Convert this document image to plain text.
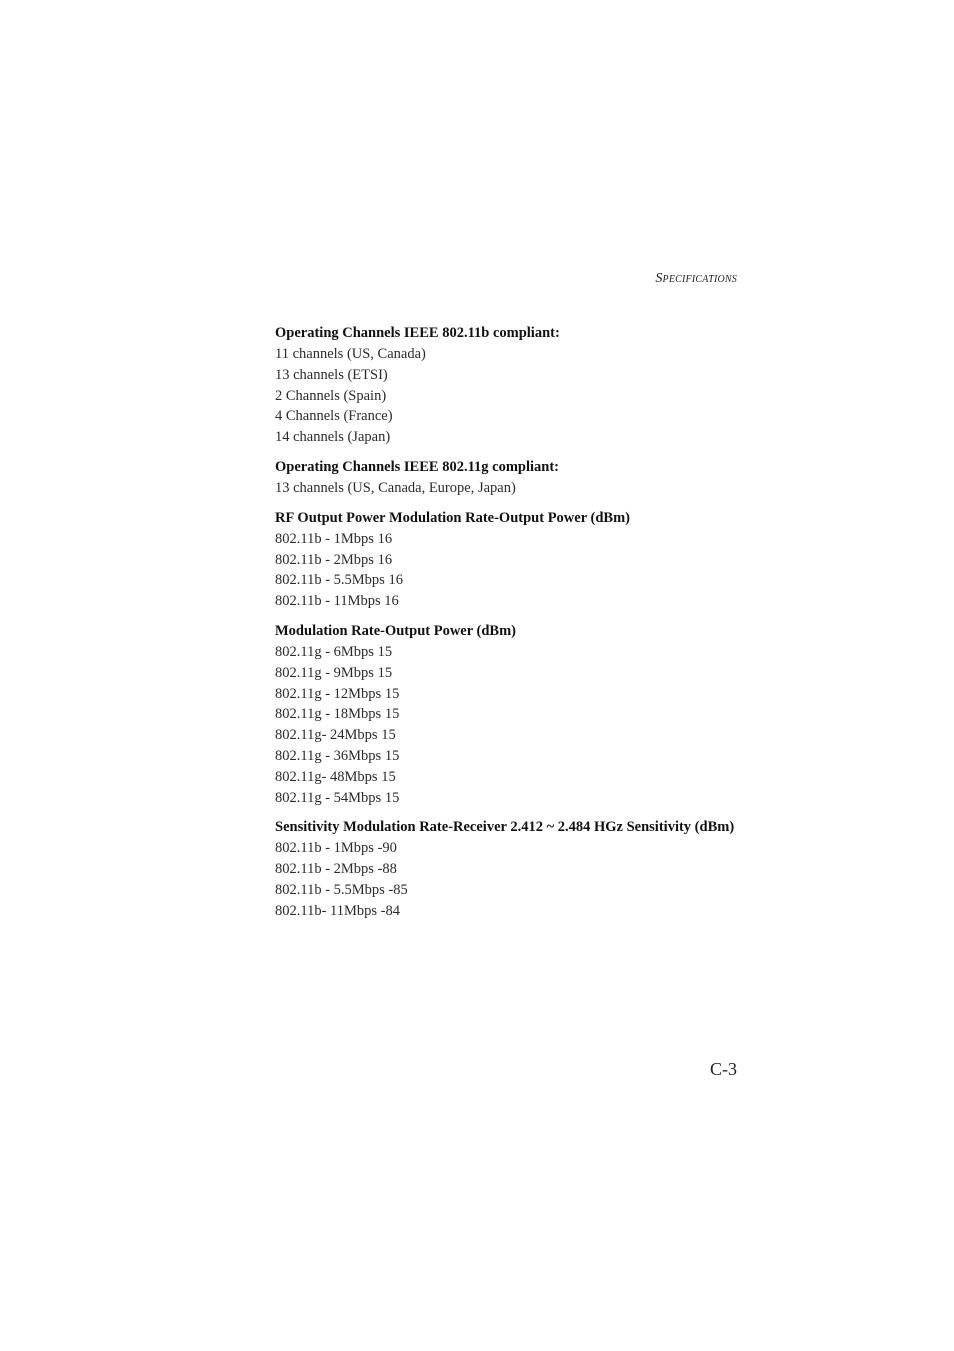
Specifications

Operating Channels IEEE 802.11b compliant:

11 channels (US, Canada)

13 channels (ETSI)

2 Channels (Spain)

4 Channels (France)

14 channels (Japan)

Operating Channels IEEE 802.11g compliant:

13 channels (US, Canada, Europe, Japan)

RF Output Power Modulation Rate-Output Power (dBm)

802.11b - 1Mbps 16

802.11b - 2Mbps 16

802.11b - 5.5Mbps 16

802.11b - 11Mbps 16

Modulation Rate-Output Power (dBm)

802.11g - 6Mbps 15

802.11g - 9Mbps 15

802.11g - 12Mbps 15

802.11g - 18Mbps 15

802.11g- 24Mbps 15

802.11g - 36Mbps 15

802.11g- 48Mbps 15

802.11g - 54Mbps 15

Sensitivity Modulation Rate-Receiver 2.412 ~ 2.484 HGz Sensitivity (dBm)

802.11b - 1Mbps -90

802.11b - 2Mbps -88

802.11b - 5.5Mbps -85

802.11b- 11Mbps -84

C-3
